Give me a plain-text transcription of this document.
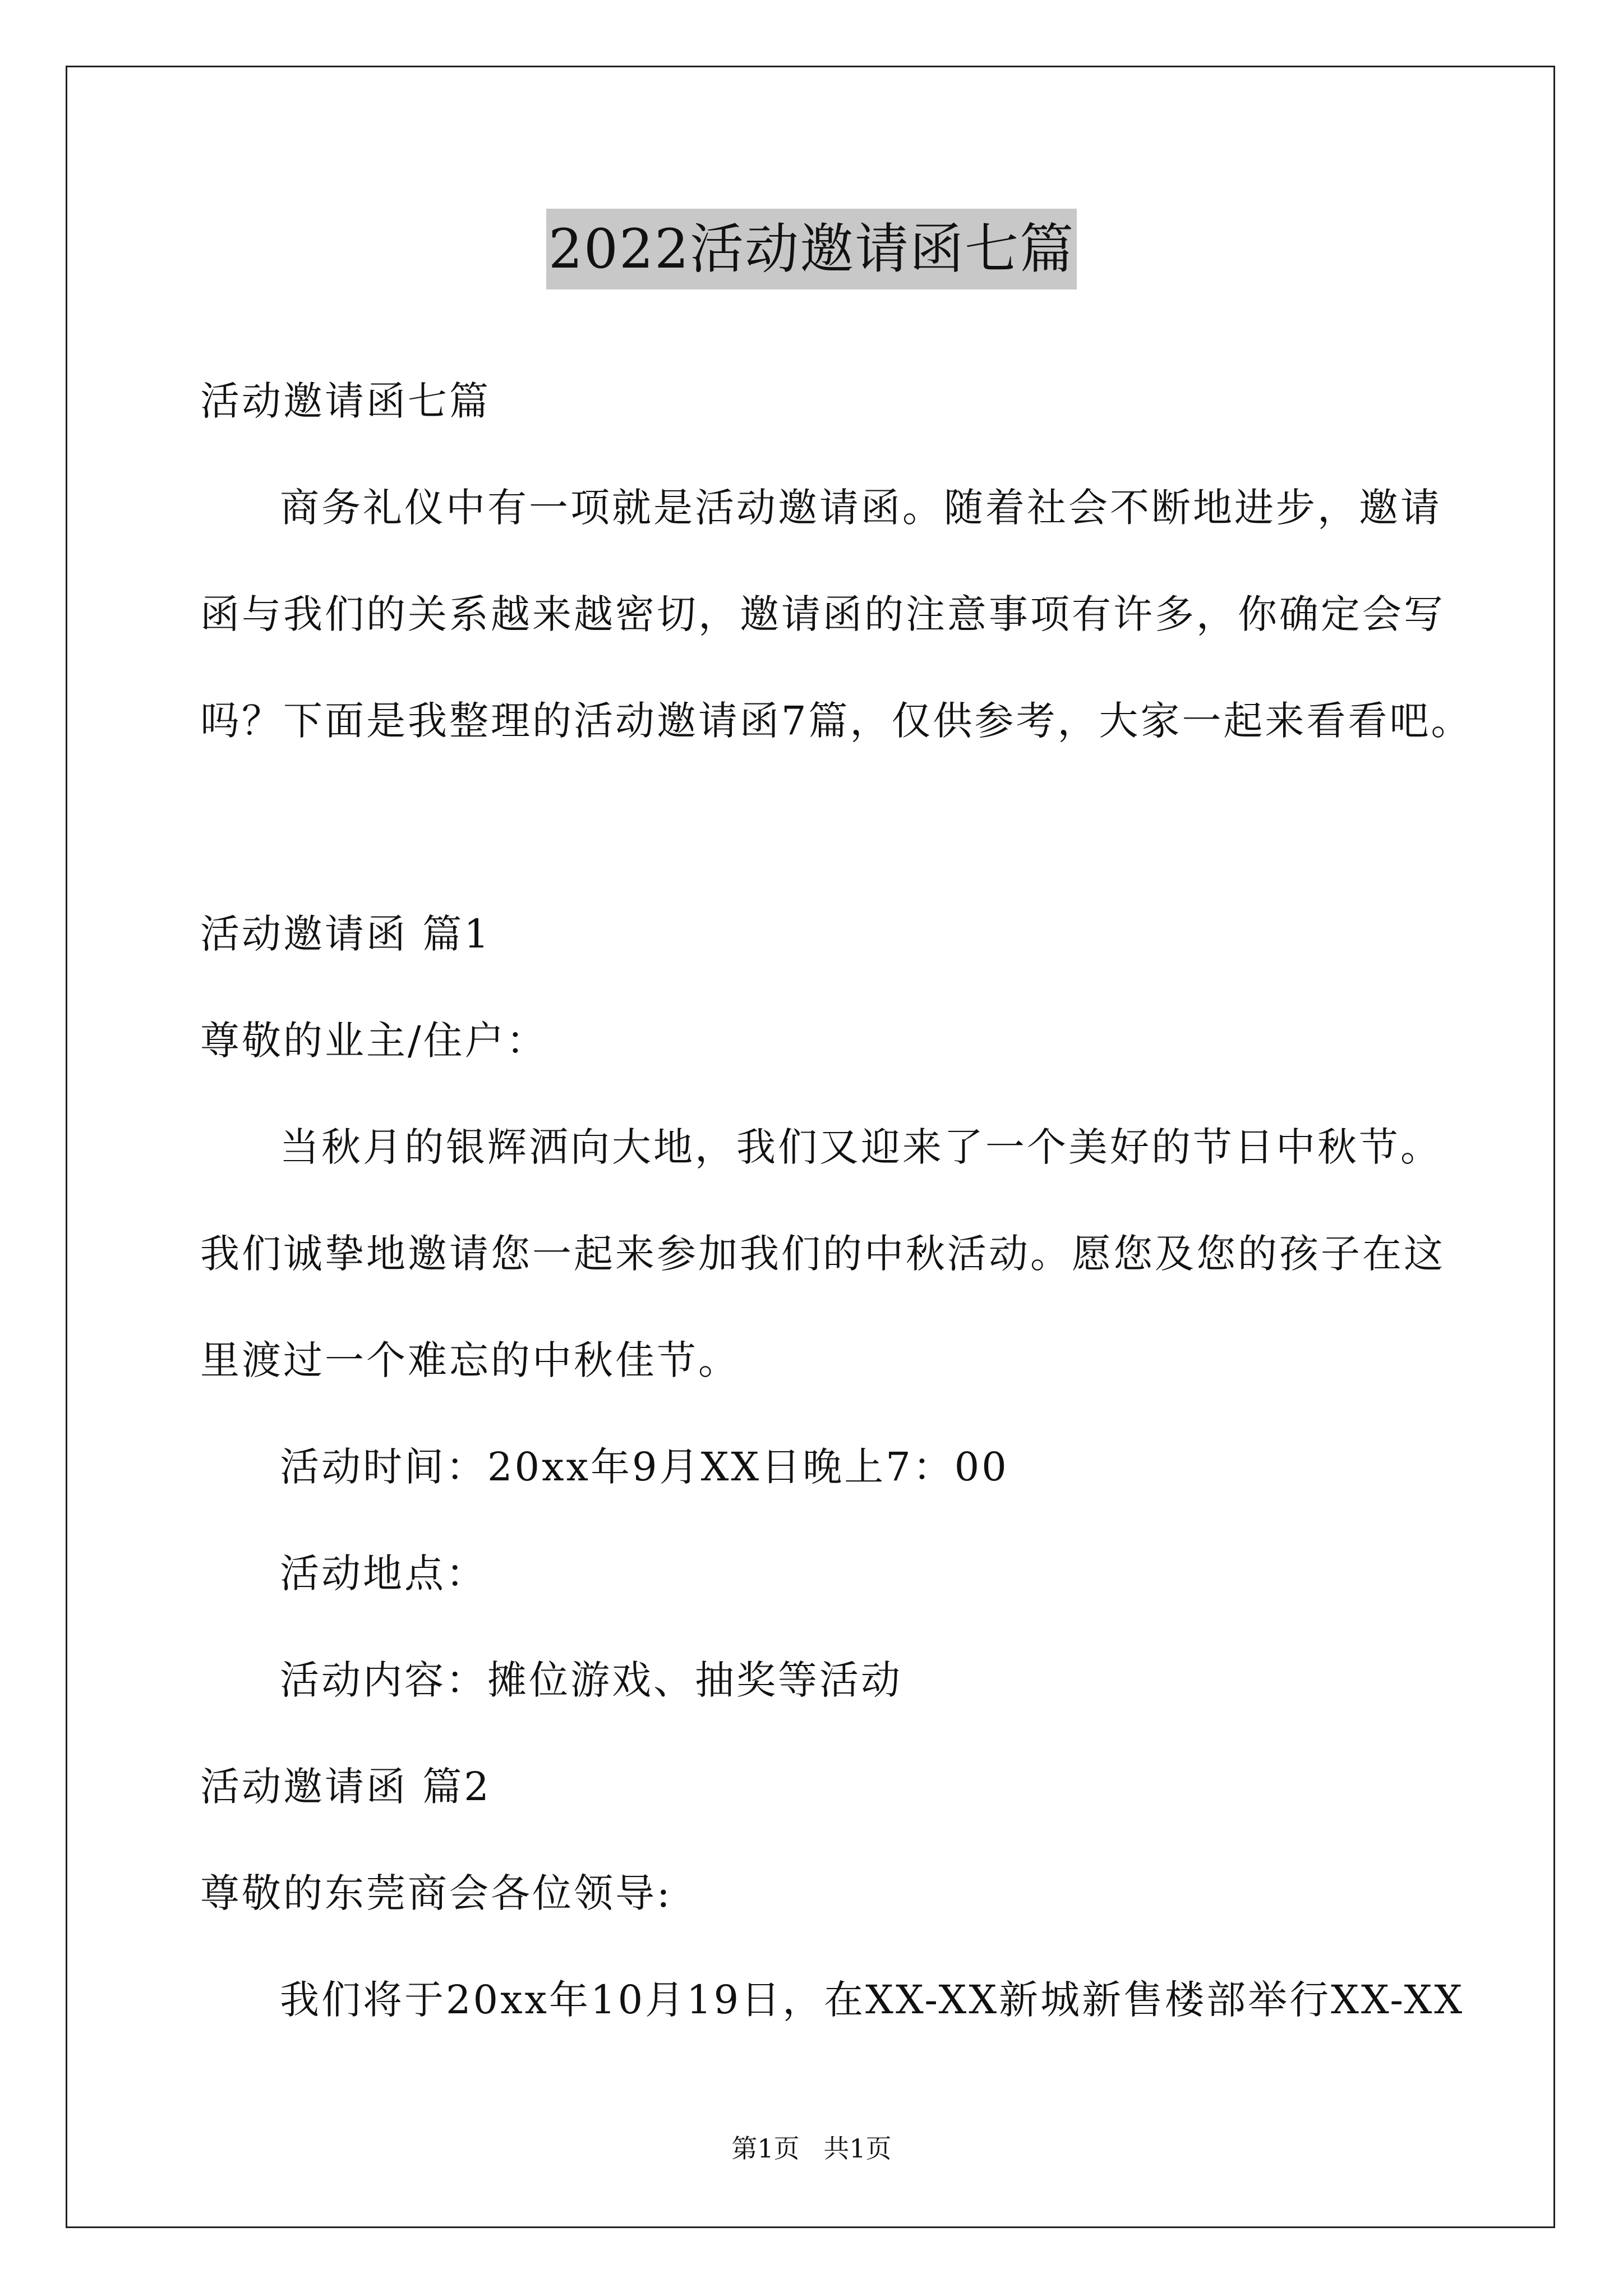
2022活动邀请函七篇
活动邀请函七篇
商务礼仪中有一项就是活动邀请函。随着社会不断地进步，邀请
函与我们的关系越来越密切，邀请函的注意事项有许多，你确定会写
吗？下面是我整理的活动邀请函7篇，仅供参考，大家一起来看看吧。
活动邀请函 篇1
尊敬的业主/住户：
当秋月的银辉洒向大地，我们又迎来了一个美好的节日中秋节。
我们诚挚地邀请您一起来参加我们的中秋活动。愿您及您的孩子在这
里渡过一个难忘的中秋佳节。
活动时间：20xx年9月XX日晚上7：00
活动地点：
活动内容：摊位游戏、抽奖等活动
活动邀请函 篇2
尊敬的东莞商会各位领导:
我们将于20xx年10月19日，在XX-XX新城新售楼部举行XX-XX
第1页 共1页
